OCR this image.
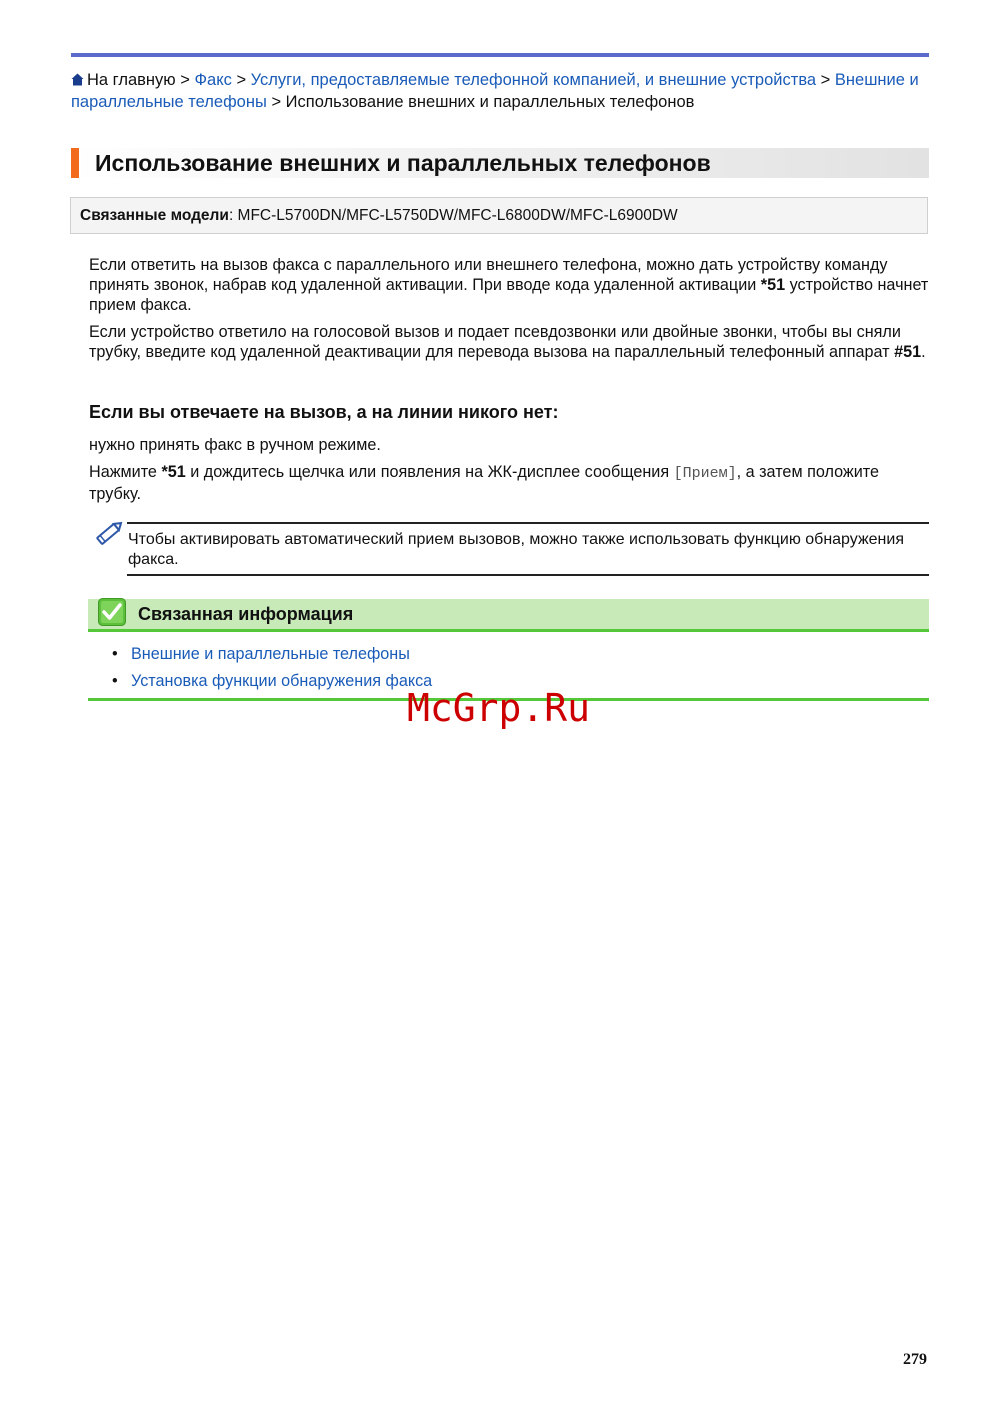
На главную > Факс > Услуги, предоставляемые телефонной компанией, и внешние устройства > Внешние и параллельные телефоны > Использование внешних и параллельных телефонов
Использование внешних и параллельных телефонов
Связанные модели: MFC-L5700DN/MFC-L5750DW/MFC-L6800DW/MFC-L6900DW

Если ответить на вызов факса с параллельного или внешнего телефона, можно дать устройству команду принять звонок, набрав код удаленной активации. При вводе кода удаленной активации *51 устройство начнет прием факса.

Если устройство ответило на голосовой вызов и подает псевдозвонки или двойные звонки, чтобы вы сняли трубку, введите код удаленной деактивации для перевода вызова на параллельный телефонный аппарат #51.

Если вы отвечаете на вызов, а на линии никого нет:

нужно принять факс в ручном режиме.

Нажмите *51 и дождитесь щелчка или появления на ЖК-дисплее сообщения [Прием], а затем положите трубку.

Чтобы активировать автоматический прием вызовов, можно также использовать функцию обнаружения факса.
Связанная информация
• Внешние и параллельные телефоны
• Установка функции обнаружения факса
McGrp.Ru
279
